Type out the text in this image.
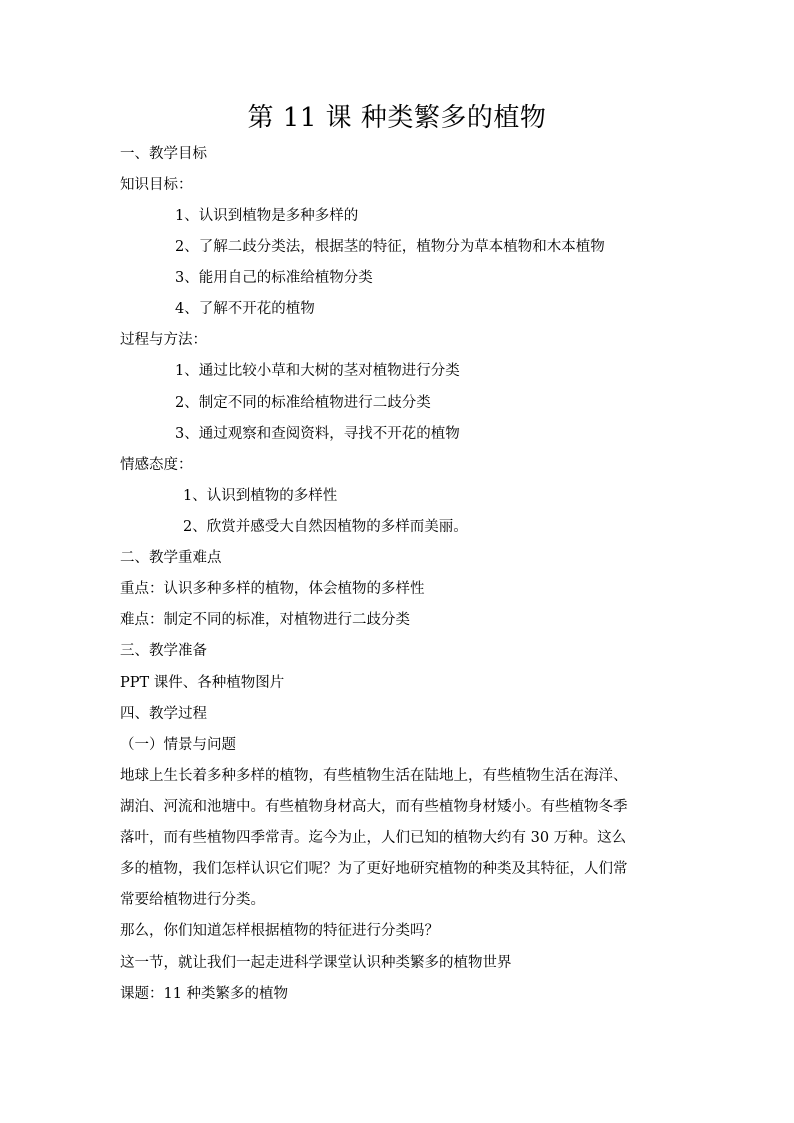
第 11 课 种类繁多的植物
一、教学目标
知识目标：
1、认识到植物是多种多样的
2、了解二歧分类法，根据茎的特征，植物分为草本植物和木本植物
3、能用自己的标准给植物分类
4、了解不开花的植物
过程与方法：
1、通过比较小草和大树的茎对植物进行分类
2、制定不同的标准给植物进行二歧分类
3、通过观察和查阅资料，寻找不开花的植物
情感态度：
1、认识到植物的多样性
2、欣赏并感受大自然因植物的多样而美丽。
二、教学重难点
重点：认识多种多样的植物，体会植物的多样性
难点：制定不同的标准，对植物进行二歧分类
三、教学准备
PPT 课件、各种植物图片
四、教学过程
（一）情景与问题
地球上生长着多种多样的植物，有些植物生活在陆地上，有些植物生活在海洋、
湖泊、河流和池塘中。有些植物身材高大，而有些植物身材矮小。有些植物冬季
落叶，而有些植物四季常青。迄今为止，人们已知的植物大约有 30 万种。这么
多的植物，我们怎样认识它们呢？为了更好地研究植物的种类及其特征，人们常
常要给植物进行分类。
那么，你们知道怎样根据植物的特征进行分类吗？
这一节，就让我们一起走进科学课堂认识种类繁多的植物世界
课题：11 种类繁多的植物
